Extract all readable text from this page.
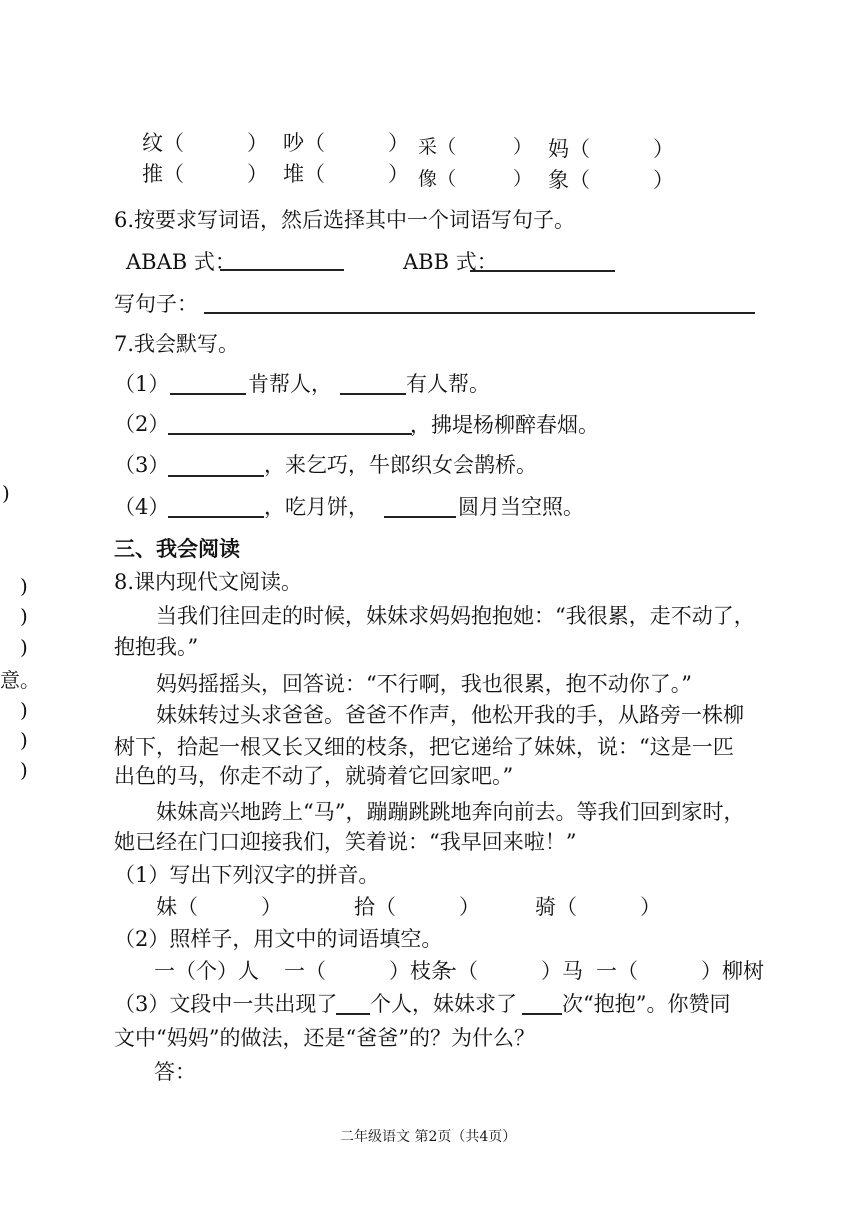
纹（　　　） 吵（　　　） 采（　　　） 妈（　　　）
推（　　　） 堆（　　　） 像（　　　） 象（　　　）
6.按要求写词语，然后选择其中一个词语写句子。
ABAB 式：	ABB 式：
写句子：
7.我会默写。
（1）	肯帮人，	有人帮。
（2）	，拂堤杨柳醉春烟。
（3）	，来乞巧，牛郎织女会鹊桥。
（4）	，吃月饼，	圆月当空照。
三、我会阅读
8.课内现代文阅读。
当我们往回走的时候，妹妹求妈妈抱抱她：“我很累，走不动了，
抱抱我。”
妈妈摇摇头，回答说：“不行啊，我也很累，抱不动你了。”
妹妹转过头求爸爸。爸爸不作声，他松开我的手，从路旁一株柳
树下，拾起一根又长又细的枝条，把它递给了妹妹，说：“这是一匹
出色的马，你走不动了，就骑着它回家吧。”
妹妹高兴地跨上“马”，蹦蹦跳跳地奔向前去。等我们回到家时，
她已经在门口迎接我们，笑着说：“我早回来啦！”
（1）写出下列汉字的拼音。
妹（　　　）	拾（　　　）	骑（　　　）
（2）照样子，用文中的词语填空。
一（个）人 一（　　　）枝条
一（　　　）马 一（　　　）柳树
（3）文段中一共出现了 个人，妹妹求了 次“抱抱”。你赞同
文中“妈妈”的做法，还是“爸爸”的？为什么？
答：
)
)
)
)
意。
)
)
)
二年级语文 第2页（共4页）
